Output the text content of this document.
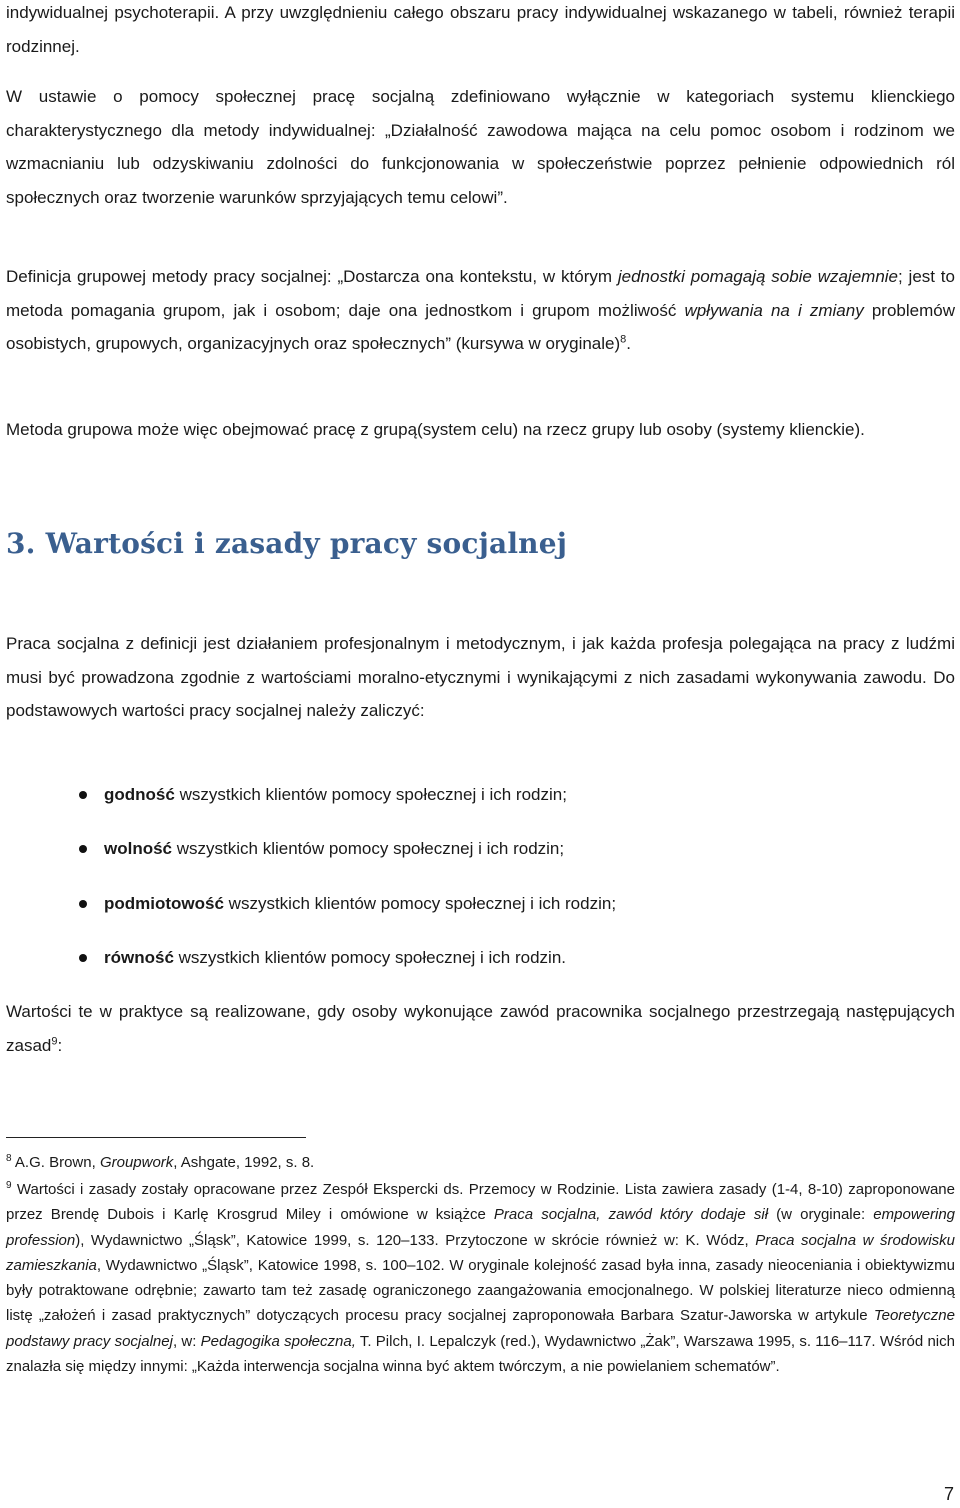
indywidualnej psychoterapii. A przy uwzględnieniu całego obszaru pracy indywidualnej wskazanego w tabeli, również terapii rodzinnej.

W ustawie o pomocy społecznej pracę socjalną zdefiniowano wyłącznie w kategoriach systemu klienckiego charakterystycznego dla metody indywidualnej: „Działalność zawodowa mająca na celu pomoc osobom i rodzinom we wzmacnianiu lub odzyskiwaniu zdolności do funkcjonowania w społeczeństwie poprzez pełnienie odpowiednich ról społecznych oraz tworzenie warunków sprzyjających temu celowi”.

Definicja grupowej metody pracy socjalnej: „Dostarcza ona kontekstu, w którym jednostki pomagają sobie wzajemnie; jest to metoda pomagania grupom, jak i osobom; daje ona jednostkom i grupom możliwość wpływania na i zmiany problemów osobistych, grupowych, organizacyjnych oraz społecznych” (kursywa w oryginale)$^8$.

Metoda grupowa może więc obejmować pracę z grupą(system celu) na rzecz grupy lub osoby (systemy klienckie).

3. Wartości i zasady pracy socjalnej

Praca socjalna z definicji jest działaniem profesjonalnym i metodycznym, i jak każda profesja polegająca na pracy z ludźmi musi być prowadzona zgodnie z wartościami moralno-etycznymi i wynikającymi z nich zasadami wykonywania zawodu. Do podstawowych wartości pracy socjalnej należy zaliczyć:

godność wszystkich klientów pomocy społecznej i ich rodzin;
wolność wszystkich klientów pomocy społecznej i ich rodzin;
podmiotowość wszystkich klientów pomocy społecznej i ich rodzin;
równość wszystkich klientów pomocy społecznej i ich rodzin.

Wartości te w praktyce są realizowane, gdy osoby wykonujące zawód pracownika socjalnego przestrzegają następujących zasad$^9$:

$^8$ A.G. Brown, Groupwork, Ashgate, 1992, s. 8.

$^9$ Wartości i zasady zostały opracowane przez Zespół Ekspercki ds. Przemocy w Rodzinie. Lista zawiera zasady (1-4, 8-10) zaproponowane przez Brendę Dubois i Karlę Krosgrud Miley i omówione w książce Praca socjalna, zawód który dodaje sił (w oryginale: empowering profession), Wydawnictwo „Śląsk”, Katowice 1999, s. 120–133. Przytoczone w skrócie również w: K. Wódz, Praca socjalna w środowisku zamieszkania, Wydawnictwo „Śląsk”, Katowice 1998, s. 100–102. W oryginale kolejność zasad była inna, zasady nieoceniania i obiektywizmu były potraktowane odrębnie; zawarto tam też zasadę ograniczonego zaangażowania emocjonalnego. W polskiej literaturze nieco odmienną listę „założeń i zasad praktycznych” dotyczących procesu pracy socjalnej zaproponowała Barbara Szatur-Jaworska w artykule Teoretyczne podstawy pracy socjalnej, w: Pedagogika społeczna, T. Pilch, I. Lepalczyk (red.), Wydawnictwo „Żak”, Warszawa 1995, s. 116–117. Wśród nich znalazła się między innymi: „Każda interwencja socjalna winna być aktem twórczym, a nie powielaniem schematów”.

7
